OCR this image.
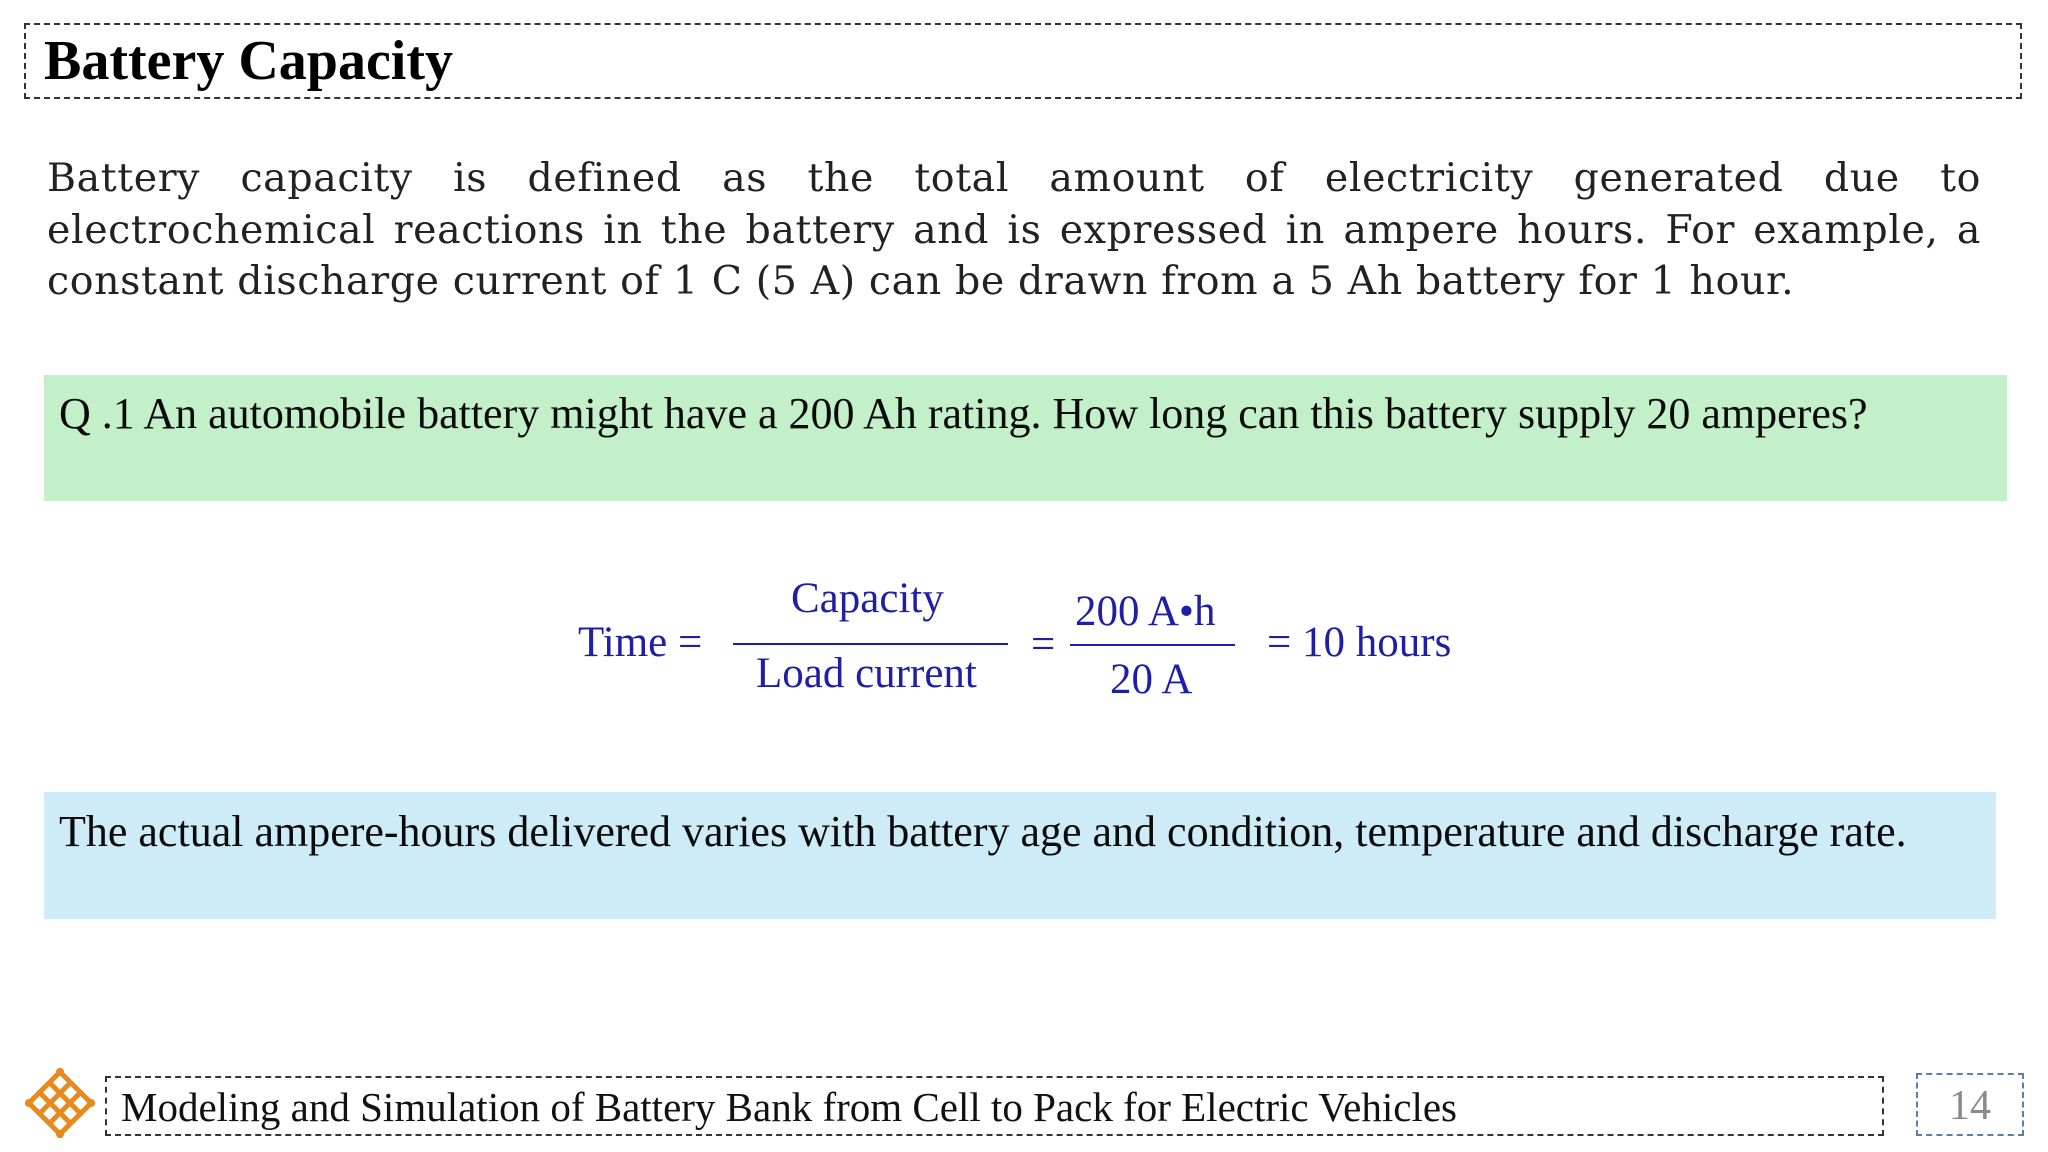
Battery Capacity

Battery capacity is defined as the total amount of electricity generated due to electrochemical reactions in the battery and is expressed in ampere hours. For example, a constant discharge current of 1 C (5 A) can be drawn from a 5 Ah battery for 1 hour.

Q .1 An automobile battery might have a 200 Ah rating. How long can this battery supply 20 amperes?

Time =
Capacity
Load current
=
200 A•h
20 A
= 10 hours

The actual ampere-hours delivered varies with battery age and condition, temperature and discharge rate.

Modeling and Simulation of Battery Bank from Cell to Pack for Electric Vehicles	14
